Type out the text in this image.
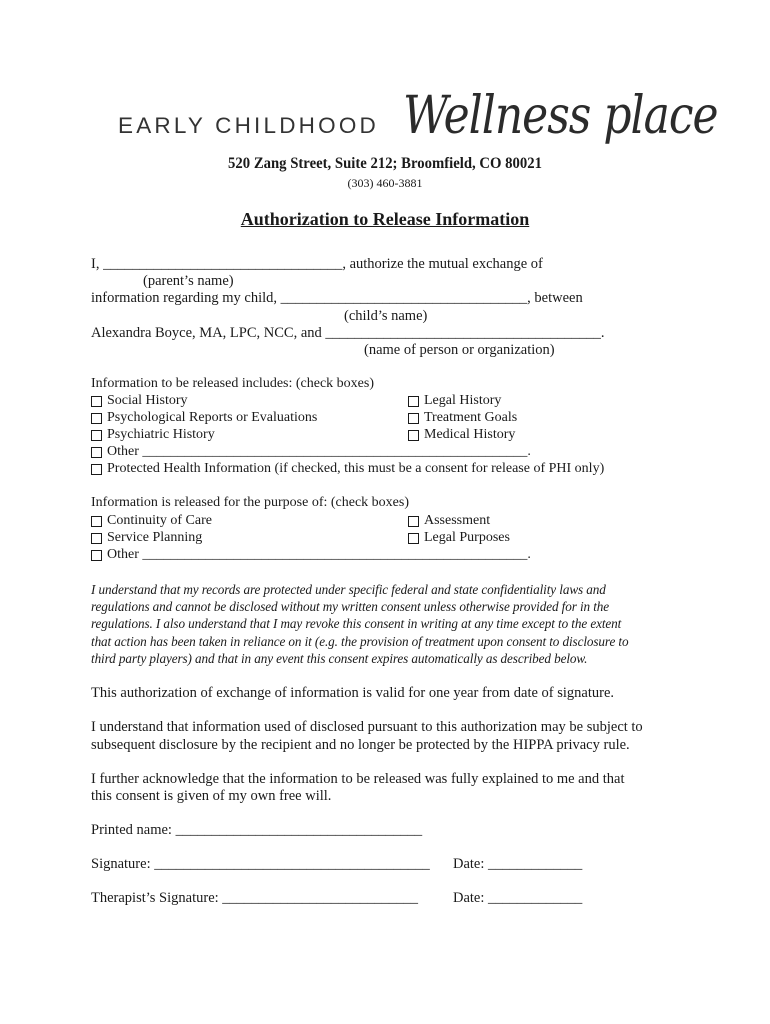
EARLY CHILDHOOD Wellness place
520 Zang Street, Suite 212; Broomfield, CO 80021
(303) 460-3881
Authorization to Release Information
I, _________________________________, authorize the mutual exchange of
(parent’s name)
information regarding my child, __________________________________, between
(child’s name)
Alexandra Boyce, MA, LPC, NCC, and ______________________________________.
(name of person or organization)
Information to be released includes: (check boxes)
Social History
Psychological Reports or Evaluations
Psychiatric History
Legal History
Treatment Goals
Medical History
Other _______________________________________________________.
Protected Health Information (if checked, this must be a consent for release of PHI only)
Information is released for the purpose of: (check boxes)
Continuity of Care
Service Planning
Assessment
Legal Purposes
Other _______________________________________________________.
I understand that my records are protected under specific federal and state confidentiality laws and
regulations and cannot be disclosed without my written consent unless otherwise provided for in the
regulations. I also understand that I may revoke this consent in writing at any time except to the extent
that action has been taken in reliance on it (e.g. the provision of treatment upon consent to disclosure to
third party players) and that in any event this consent expires automatically as described below.
This authorization of exchange of information is valid for one year from date of signature.
I understand that information used of disclosed pursuant to this authorization may be subject to
subsequent disclosure by the recipient and no longer be protected by the HIPPA privacy rule.
I further acknowledge that the information to be released was fully explained to me and that
this consent is given of my own free will.
Printed name: __________________________________
Signature: ______________________________________ Date: _____________
Therapist’s Signature: ___________________________ Date: _____________
